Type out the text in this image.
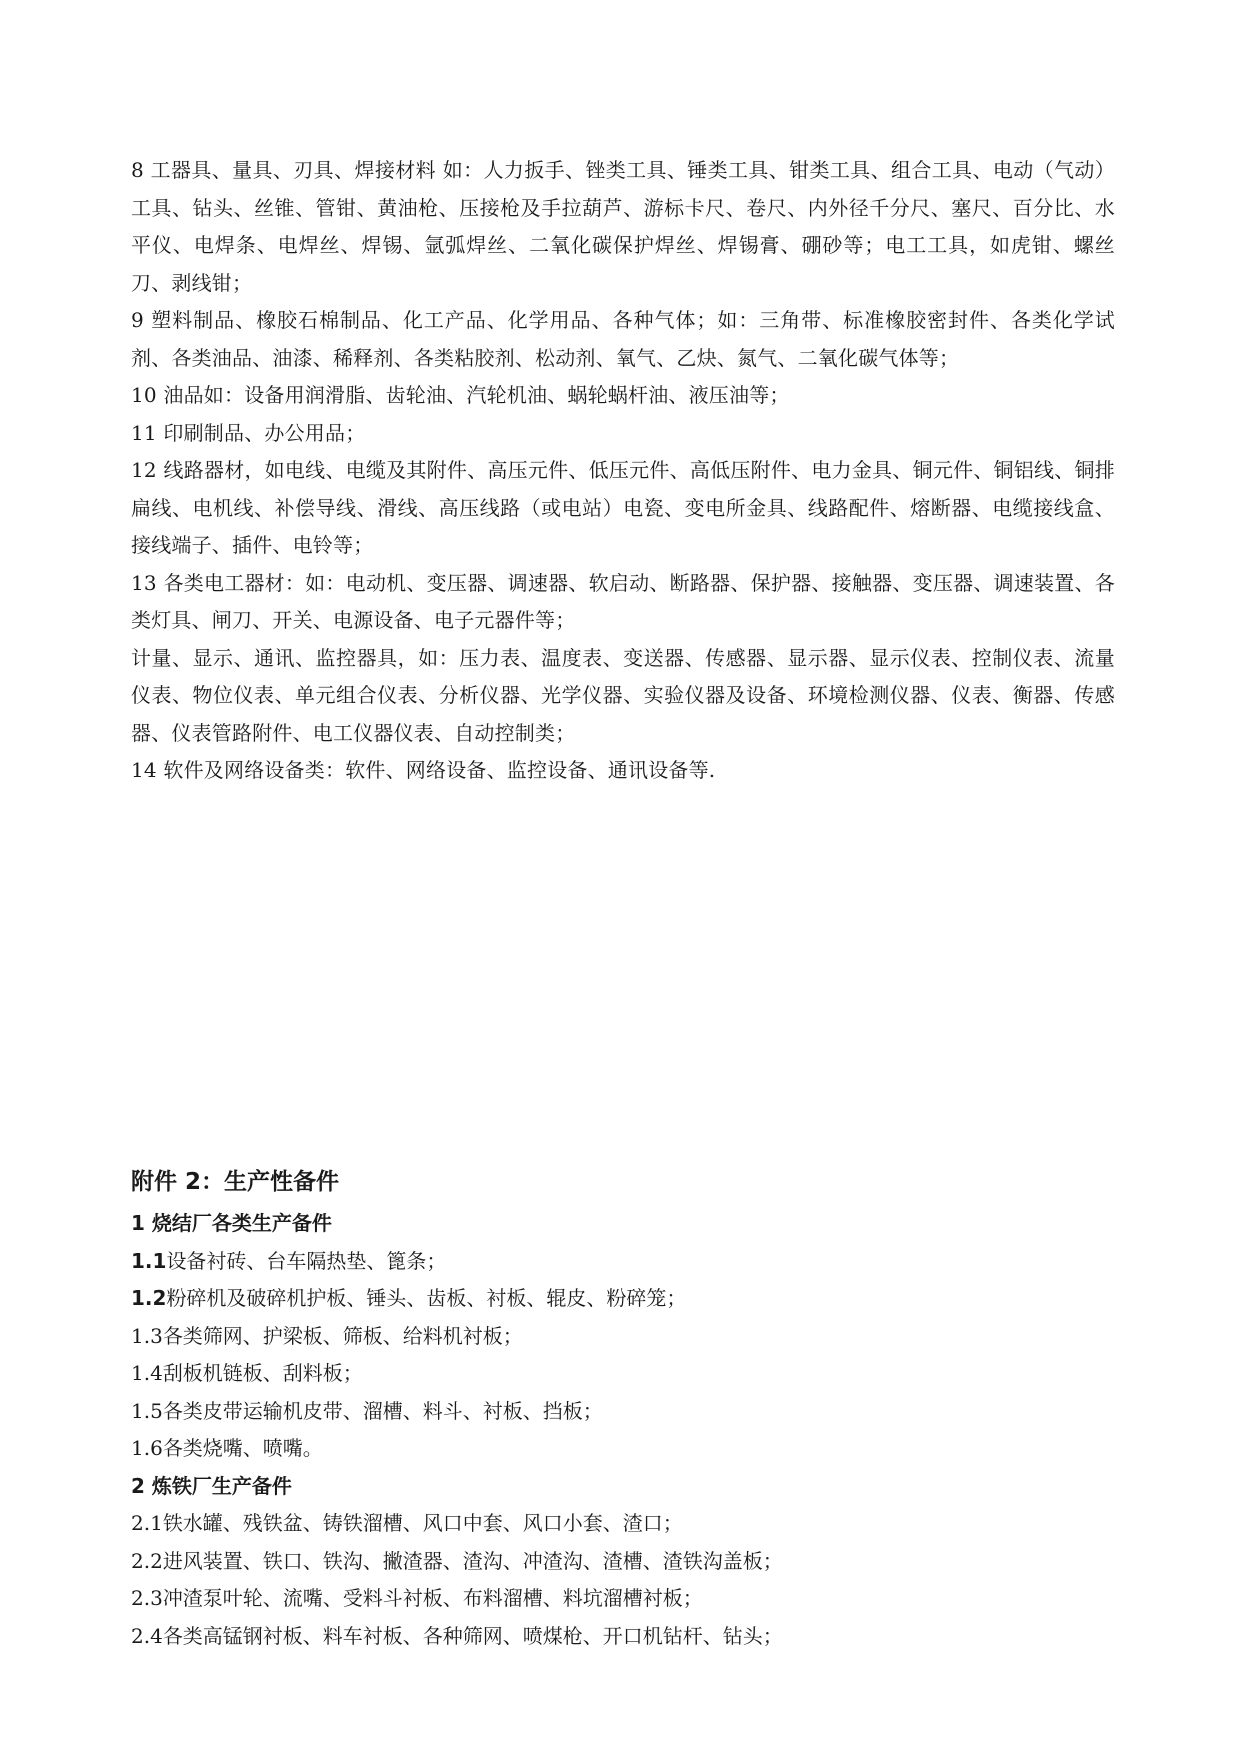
8 工器具、量具、刃具、焊接材料 如：人力扳手、锉类工具、锤类工具、钳类工具、组合工具、电动（气动）工具、钻头、丝锥、管钳、黄油枪、压接枪及手拉葫芦、游标卡尺、卷尺、内外径千分尺、塞尺、百分比、水平仪、电焊条、电焊丝、焊锡、氩弧焊丝、二氧化碳保护焊丝、焊锡膏、硼砂等；电工工具，如虎钳、螺丝刀、剥线钳；

9 塑料制品、橡胶石棉制品、化工产品、化学用品、各种气体；如：三角带、标准橡胶密封件、各类化学试剂、各类油品、油漆、稀释剂、各类粘胶剂、松动剂、氧气、乙炔、氮气、二氧化碳气体等；

10 油品如：设备用润滑脂、齿轮油、汽轮机油、蜗轮蜗杆油、液压油等；

11 印刷制品、办公用品；

12 线路器材，如电线、电缆及其附件、高压元件、低压元件、高低压附件、电力金具、铜元件、铜铝线、铜排扁线、电机线、补偿导线、滑线、高压线路（或电站）电瓷、变电所金具、线路配件、熔断器、电缆接线盒、接线端子、插件、电铃等；

13 各类电工器材：如：电动机、变压器、调速器、软启动、断路器、保护器、接触器、变压器、调速装置、各类灯具、闸刀、开关、电源设备、电子元器件等；

计量、显示、通讯、监控器具，如：压力表、温度表、变送器、传感器、显示器、显示仪表、控制仪表、流量仪表、物位仪表、单元组合仪表、分析仪器、光学仪器、实验仪器及设备、环境检测仪器、仪表、衡器、传感器、仪表管路附件、电工仪器仪表、自动控制类；

14 软件及网络设备类：软件、网络设备、监控设备、通讯设备等.

附件 2：生产性备件

1 烧结厂各类生产备件

1.1设备衬砖、台车隔热垫、篦条；

1.2粉碎机及破碎机护板、锤头、齿板、衬板、辊皮、粉碎笼；

1.3各类筛网、护梁板、筛板、给料机衬板；

1.4刮板机链板、刮料板；

1.5各类皮带运输机皮带、溜槽、料斗、衬板、挡板；

1.6各类烧嘴、喷嘴。

2 炼铁厂生产备件

2.1铁水罐、残铁盆、铸铁溜槽、风口中套、风口小套、渣口；

2.2进风装置、铁口、铁沟、撇渣器、渣沟、冲渣沟、渣槽、渣铁沟盖板；

2.3冲渣泵叶轮、流嘴、受料斗衬板、布料溜槽、料坑溜槽衬板；

2.4各类高锰钢衬板、料车衬板、各种筛网、喷煤枪、开口机钻杆、钻头；
